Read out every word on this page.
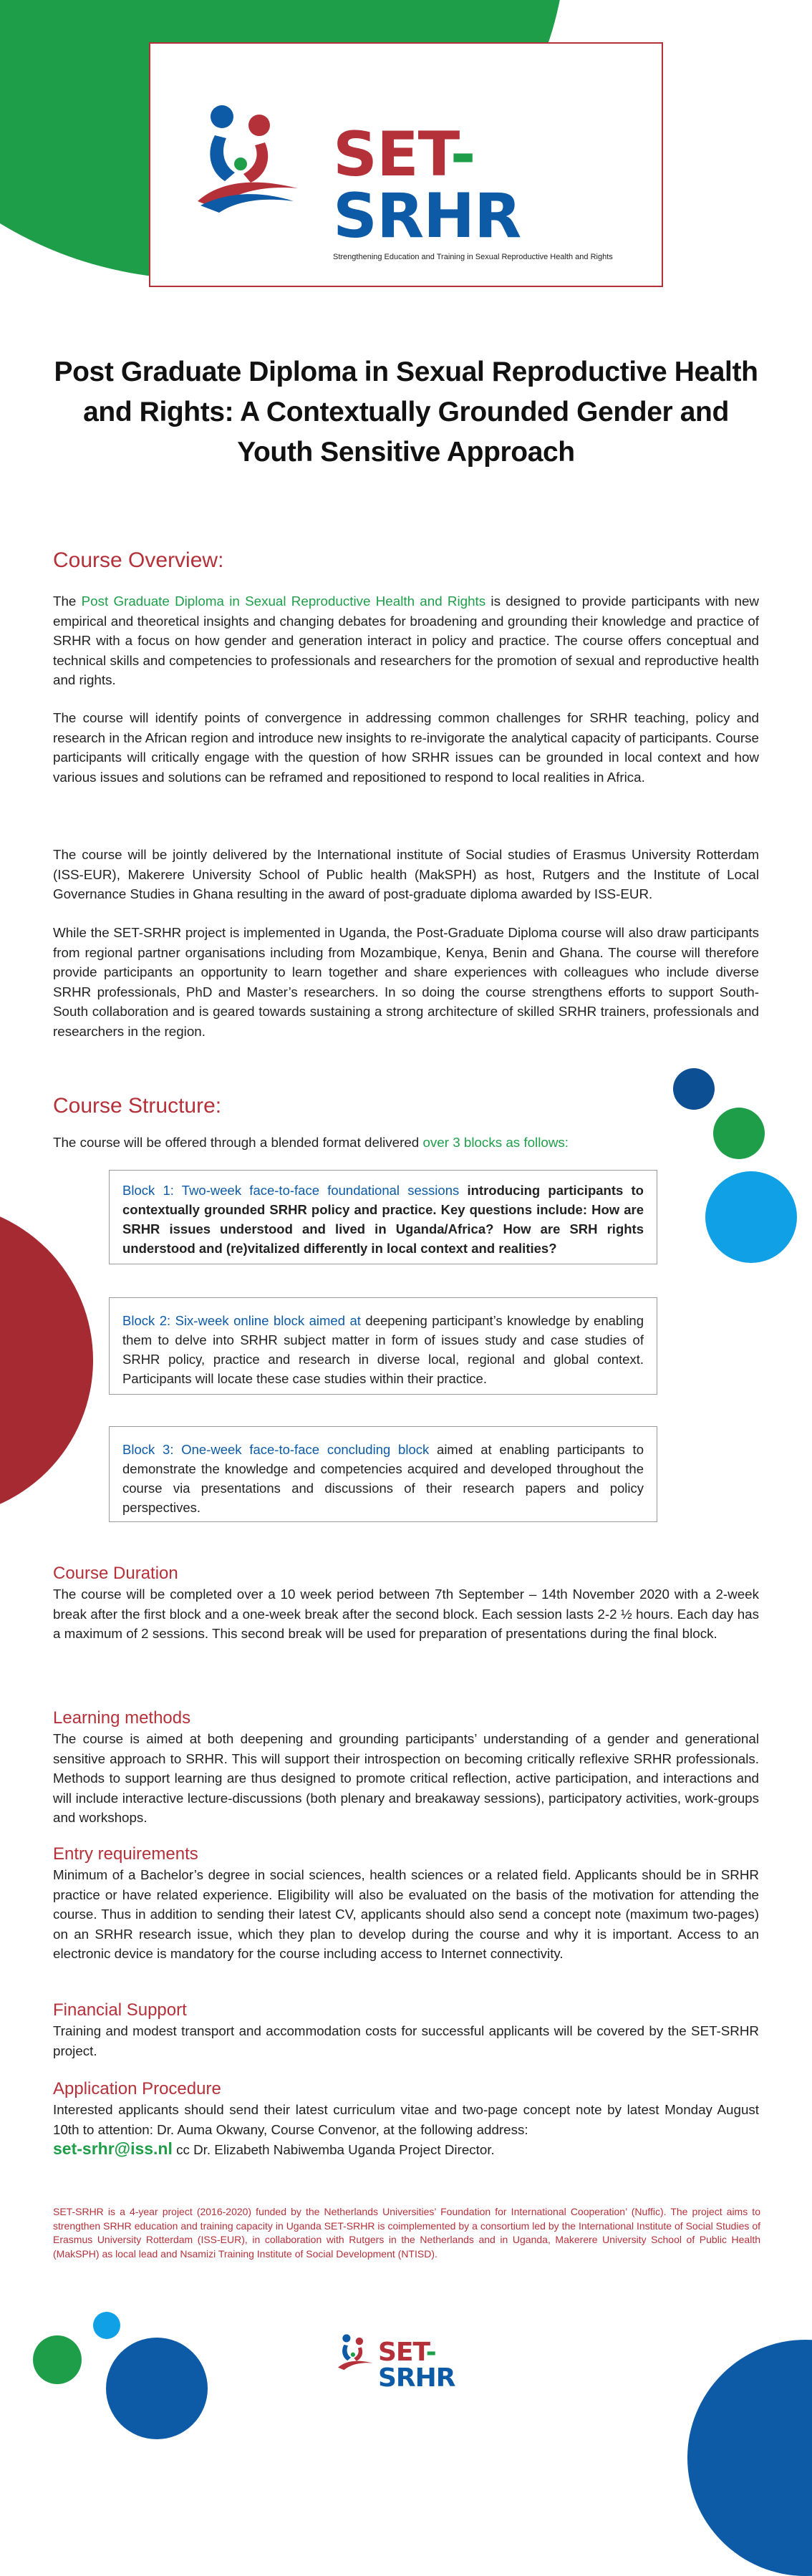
SET-SRHR
Strengthening Education and Training in Sexual Reproductive Health and Rights
Post Graduate Diploma in Sexual Reproductive Health and Rights: A Contextually Grounded Gender and Youth Sensitive Approach
Course Overview:

The Post Graduate Diploma in Sexual Reproductive Health and Rights is designed to provide participants with new empirical and theoretical insights and changing debates for broadening and grounding their knowledge and practice of SRHR with a focus on how gender and generation interact in policy and practice. The course offers conceptual and technical skills and competencies to professionals and researchers for the promotion of sexual and reproductive health and rights.

The course will identify points of convergence in addressing common challenges for SRHR teaching, policy and research in the African region and introduce new insights to re-invigorate the analytical capacity of participants. Course participants will critically engage with the question of how SRHR issues can be grounded in local context and how various issues and solutions can be reframed and repositioned to respond to local realities in Africa.

The course will be jointly delivered by the International institute of Social studies of Erasmus University Rotterdam (ISS-EUR), Makerere University School of Public health (MakSPH) as host, Rutgers and the Institute of Local Governance Studies in Ghana resulting in the award of post-graduate diploma awarded by ISS-EUR.

While the SET-SRHR project is implemented in Uganda, the Post-Graduate Diploma course will also draw participants from regional partner organisations including from Mozambique, Kenya, Benin and Ghana. The course will therefore provide participants an opportunity to learn together and share experiences with colleagues who include diverse SRHR professionals, PhD and Master’s researchers. In so doing the course strengthens efforts to support South-South collaboration and is geared towards sustaining a strong architecture of skilled SRHR trainers, professionals and researchers in the region.

Course Structure:

The course will be offered through a blended format delivered over 3 blocks as follows:

Block 1: Two-week face-to-face foundational sessions introducing participants to contextually grounded SRHR policy and practice. Key questions include: How are SRHR issues understood and lived in Uganda/Africa? How are SRH rights understood and (re)vitalized differently in local context and realities?
Block 2: Six-week online block aimed at deepening participant’s knowledge by enabling them to delve into SRHR subject matter in form of issues study and case studies of SRHR policy, practice and research in diverse local, regional and global context. Participants will locate these case studies within their practice.
Block 3: One-week face-to-face concluding block aimed at enabling participants to demonstrate the knowledge and competencies acquired and developed throughout the course via presentations and discussions of their research papers and policy perspectives.
Course Duration

The course will be completed over a 10 week period between 7th September – 14th November 2020 with a 2-week break after the first block and a one-week break after the second block. Each session lasts 2-2 ½ hours. Each day has a maximum of 2 sessions. This second break will be used for preparation of presentations during the final block.

Learning methods

The course is aimed at both deepening and grounding participants’ understanding of a gender and generational sensitive approach to SRHR. This will support their introspection on becoming critically reflexive SRHR professionals. Methods to support learning are thus designed to promote critical reflection, active participation, and interactions and will include interactive lecture-discussions (both plenary and breakaway sessions), participatory activities, work-groups and workshops.

Entry requirements

Minimum of a Bachelor’s degree in social sciences, health sciences or a related field. Applicants should be in SRHR practice or have related experience. Eligibility will also be evaluated on the basis of the motivation for attending the course. Thus in addition to sending their latest CV, applicants should also send a concept note (maximum two-pages) on an SRHR research issue, which they plan to develop during the course and why it is important. Access to an electronic device is mandatory for the course including access to Internet connectivity.

Financial Support

Training and modest transport and accommodation costs for successful applicants will be covered by the SET-SRHR project.

Application Procedure

Interested applicants should send their latest curriculum vitae and two-page concept note by latest Monday August 10th to attention: Dr. Auma Okwany, Course Convenor, at the following address:
set-srhr@iss.nl cc Dr. Elizabeth Nabiwemba Uganda Project Director.

SET-SRHR is a 4-year project (2016-2020) funded by the Netherlands Universities’ Foundation for International Cooperation’ (Nuffic). The project aims to strengthen SRHR education and training capacity in Uganda SET-SRHR is coimplemented by a consortium led by the International Institute of Social Studies of Erasmus University Rotterdam (ISS-EUR), in collaboration with Rutgers in the Netherlands and in Uganda, Makerere University School of Public Health (MakSPH) as local lead and Nsamizi Training Institute of Social Development (NTISD).

SET-SRHR
